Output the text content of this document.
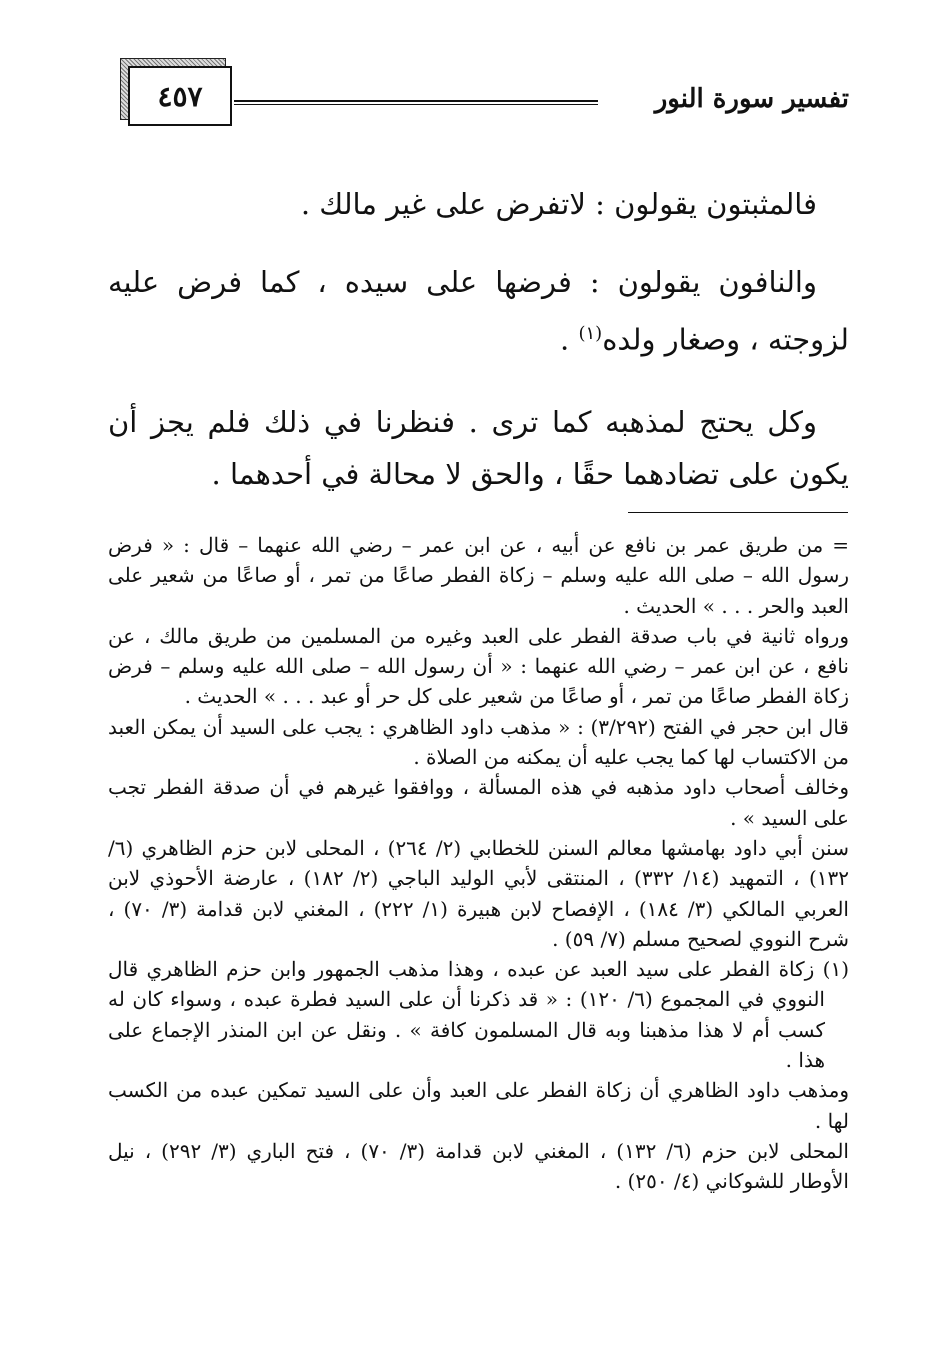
٤٥٧	تفسير سورة النور

فالمثبتون يقولون : لاتفرض على غير مالك .

والنافون يقولون : فرضها على سيده ، كما فرض عليه لزوجته ، وصغار ولده$^{(١)}$ .

وكل يحتج لمذهبه كما ترى . فنظرنا في ذلك فلم يجز أن يكون على تضادهما حقًا ، والحق لا محالة في أحدهما .

= من طريق عمر بن نافع عن أبيه ، عن ابن عمر – رضي الله عنهما – قال : « فرض رسول الله – صلى الله عليه وسلم – زكاة الفطر صاعًا من تمر ، أو صاعًا من شعير على العبد والحر . . . » الحديث .

ورواه ثانية في باب صدقة الفطر على العبد وغيره من المسلمين من طريق مالك ، عن نافع ، عن ابن عمر – رضي الله عنهما : « أن رسول الله – صلى الله عليه وسلم – فرض زكاة الفطر صاعًا من تمر ، أو صاعًا من شعير على كل حر أو عبد . . . » الحديث .

قال ابن حجر في الفتح (٣/٢٩٢) : « مذهب داود الظاهري : يجب على السيد أن يمكن العبد من الاكتساب لها كما يجب عليه أن يمكنه من الصلاة .

وخالف أصحاب داود مذهبه في هذه المسألة ، ووافقوا غيرهم في أن صدقة الفطر تجب على السيد » .

سنن أبي داود بهامشها معالم السنن للخطابي (٢/ ٢٦٤) ، المحلى لابن حزم الظاهري (٦/ ١٣٢) ، التمهيد (١٤/ ٣٣٢) ، المنتقى لأبي الوليد الباجي (٢/ ١٨٢) ، عارضة الأحوذي لابن العربي المالكي (٣/ ١٨٤) ، الإفصاح لابن هبيرة (١/ ٢٢٢) ، المغني لابن قدامة (٣/ ٧٠) ، شرح النووي لصحيح مسلم (٧/ ٥٩) .

(١) زكاة الفطر على سيد العبد عن عبده ، وهذا مذهب الجمهور وابن حزم الظاهري قال النووي في المجموع (٦/ ١٢٠) : « قد ذكرنا أن على السيد فطرة عبده ، وسواء كان له كسب أم لا هذا مذهبنا وبه قال المسلمون كافة » . ونقل عن ابن المنذر الإجماع على هذا .

ومذهب داود الظاهري أن زكاة الفطر على العبد وأن على السيد تمكين عبده من الكسب لها .

المحلى لابن حزم (٦/ ١٣٢) ، المغني لابن قدامة (٣/ ٧٠) ، فتح الباري (٣/ ٢٩٢) ، نيل الأوطار للشوكاني (٤/ ٢٥٠) .
